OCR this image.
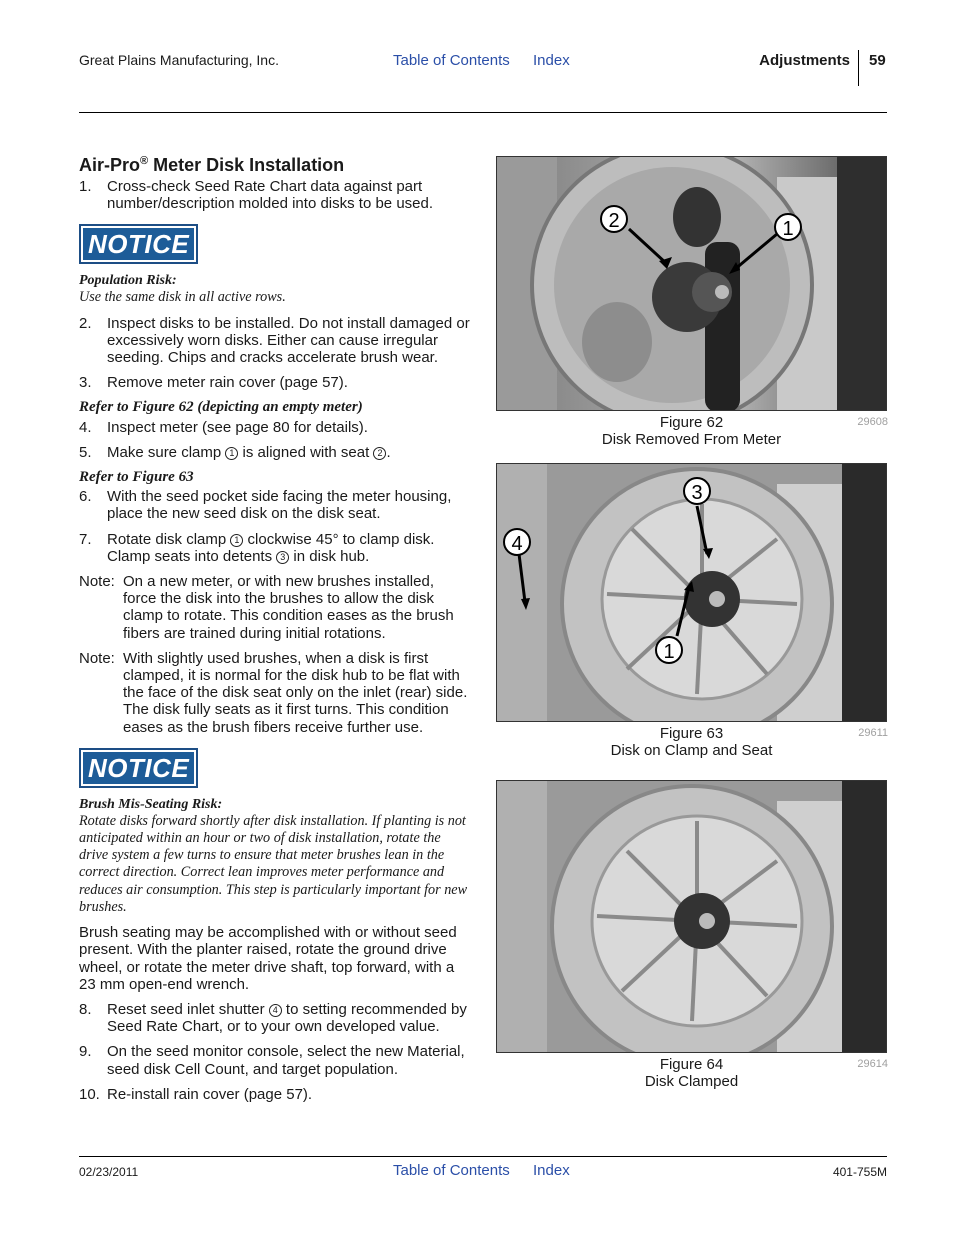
Great Plains Manufacturing, Inc.	Table of Contents Index	Adjustments 59
Air-Pro® Meter Disk Installation
1. Cross-check Seed Rate Chart data against part number/description molded into disks to be used.
NOTICE
Population Risk:
Use the same disk in all active rows.
2. Inspect disks to be installed. Do not install damaged or excessively worn disks. Either can cause irregular seeding. Chips and cracks accelerate brush wear.
3. Remove meter rain cover (page 57).
Refer to Figure 62 (depicting an empty meter)
4. Inspect meter (see page 80 for details).
5. Make sure clamp 1 is aligned with seat 2 .
Refer to Figure 63
6. With the seed pocket side facing the meter housing, place the new seed disk on the disk seat.
7. Rotate disk clamp 1 clockwise 45° to clamp disk. Clamp seats into detents 3 in disk hub.
Note: On a new meter, or with new brushes installed, force the disk into the brushes to allow the disk clamp to rotate. This condition eases as the brush fibers are trained during initial rotations.
Note: With slightly used brushes, when a disk is first clamped, it is normal for the disk hub to be flat with the face of the disk seat only on the inlet (rear) side. The disk fully seats as it first turns. This condition eases as the brush fibers receive further use.
NOTICE
Brush Mis-Seating Risk:
Rotate disks forward shortly after disk installation. If planting is not anticipated within an hour or two of disk installation, rotate the drive system a few turns to ensure that meter brushes lean in the correct direction. Correct lean improves meter performance and reduces air consumption. This step is particularly important for new brushes.
Brush seating may be accomplished with or without seed present. With the planter raised, rotate the ground drive wheel, or rotate the meter drive shaft, top forward, with a 23 mm open-end wrench.
8. Reset seed inlet shutter 4 to setting recommended by Seed Rate Chart, or to your own developed value.
9. On the seed monitor console, select the new Material, seed disk Cell Count, and target population.
10. Re-install rain cover (page 57).
2	1
Figure 62
Disk Removed From Meter
29608
3
4
1
Figure 63
Disk on Clamp and Seat
29611
Figure 64
Disk Clamped
29614
02/23/2011	Table of Contents Index	401-755M
